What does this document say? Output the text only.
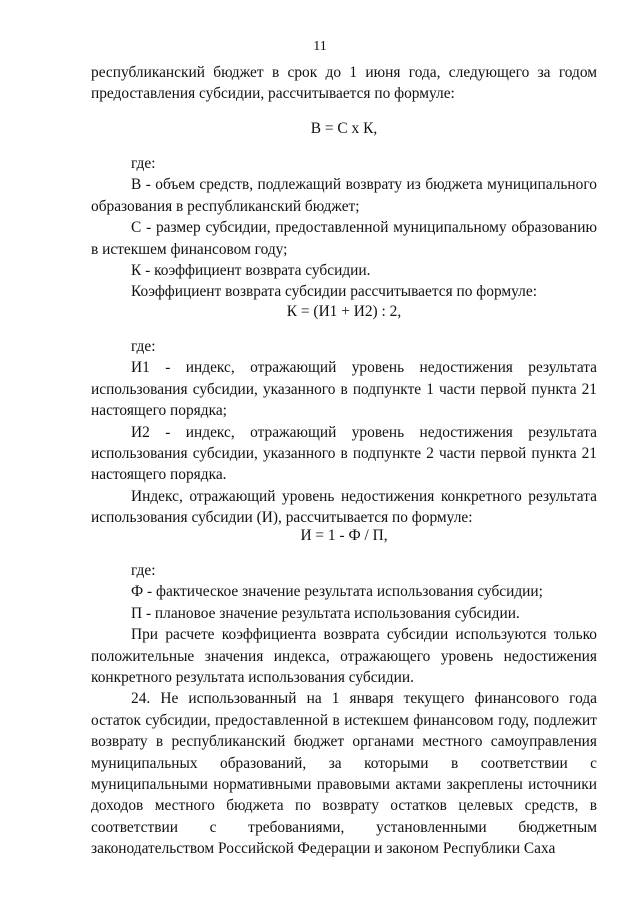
11

республиканский бюджет в срок до 1 июня года, следующего за годом предоставления субсидии, рассчитывается по формуле:

В = С х К,

где:

В - объем средств, подлежащий возврату из бюджета муниципального образования в республиканский бюджет;

С - размер субсидии, предоставленной муниципальному образованию в истекшем финансовом году;

К - коэффициент возврата субсидии.

Коэффициент возврата субсидии рассчитывается по формуле:

К = (И1 + И2) : 2,

где:

И1 - индекс, отражающий уровень недостижения результата использования субсидии, указанного в подпункте 1 части первой пункта 21 настоящего порядка;

И2 - индекс, отражающий уровень недостижения результата использования субсидии, указанного в подпункте 2 части первой пункта 21 настоящего порядка.

Индекс, отражающий уровень недостижения конкретного результата использования субсидии (И), рассчитывается по формуле:

И = 1 - Ф / П,

где:

Ф - фактическое значение результата использования субсидии;

П - плановое значение результата использования субсидии.

При расчете коэффициента возврата субсидии используются только положительные значения индекса, отражающего уровень недостижения конкретного результата использования субсидии.

24. Не использованный на 1 января текущего финансового года остаток субсидии, предоставленной в истекшем финансовом году, подлежит возврату в республиканский бюджет органами местного самоуправления муниципальных образований, за которыми в соответствии с муниципальными нормативными правовыми актами закреплены источники доходов местного бюджета по возврату остатков целевых средств, в соответствии с требованиями, установленными бюджетным законодательством Российской Федерации и законом Республики Саха
